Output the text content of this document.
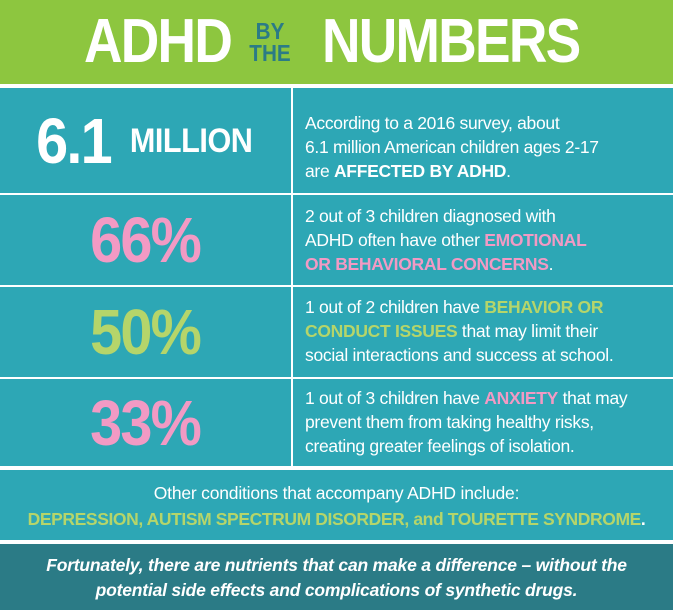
ADHD BY
THE NUMBERS
6.1 MILLION	According to a 2016 survey, about
6.1 million American children ages 2-17
are AFFECTED BY ADHD.
66%	2 out of 3 children diagnosed with
ADHD often have other EMOTIONAL
OR BEHAVIORAL CONCERNS.
50%	1 out of 2 children have BEHAVIOR OR
CONDUCT ISSUES that may limit their
social interactions and success at school.
33%	1 out of 3 children have ANXIETY that may
prevent them from taking healthy risks,
creating greater feelings of isolation.
Other conditions that accompany ADHD include:
DEPRESSION, AUTISM SPECTRUM DISORDER, and TOURETTE SYNDROME.
Fortunately, there are nutrients that can make a difference – without the
potential side effects and complications of synthetic drugs.
